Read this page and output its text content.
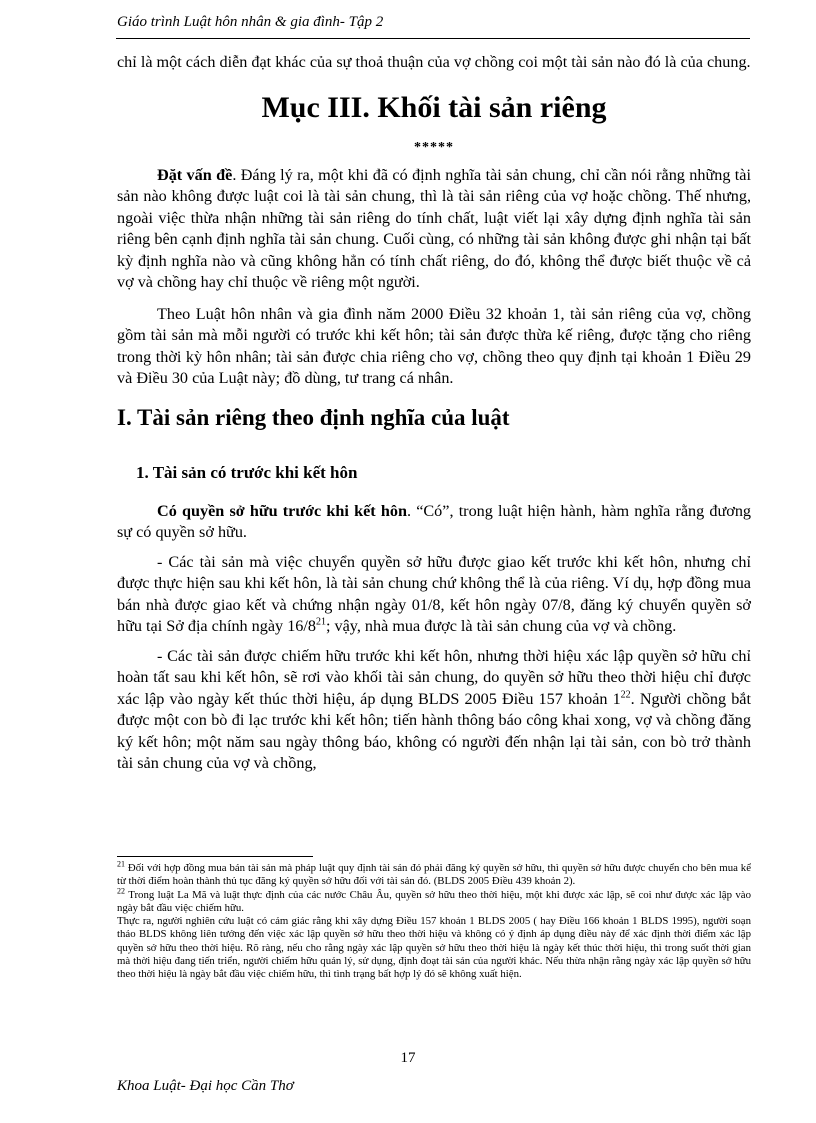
Giáo trình Luật hôn nhân & gia đình- Tập 2

chỉ là một cách diễn đạt khác của sự thoả thuận của vợ chồng coi một tài sản nào đó là của chung.

Mục III. Khối tài sản riêng
*****

Đặt vấn đề. Đáng lý ra, một khi đã có định nghĩa tài sản chung, chỉ cần nói rằng những tài sản nào không được luật coi là tài sản chung, thì là tài sản riêng của vợ hoặc chồng. Thế nhưng, ngoài việc thừa nhận những tài sản riêng do tính chất, luật viết lại xây dựng định nghĩa tài sản riêng bên cạnh định nghĩa tài sản chung. Cuối cùng, có những tài sản không được ghi nhận tại bất kỳ định nghĩa nào và cũng không hẳn có tính chất riêng, do đó, không thể được biết thuộc về cả vợ và chồng hay chỉ thuộc về riêng một người.

Theo Luật hôn nhân và gia đình năm 2000 Điều 32 khoản 1, tài sản riêng của vợ, chồng gồm tài sản mà mỗi người có trước khi kết hôn; tài sản được thừa kế riêng, được tặng cho riêng trong thời kỳ hôn nhân; tài sản được chia riêng cho vợ, chồng theo quy định tại khoản 1 Điều 29 và Điều 30 của Luật này; đồ dùng, tư trang cá nhân.

I. Tài sản riêng theo định nghĩa của luật
1. Tài sản có trước khi kết hôn

Có quyền sở hữu trước khi kết hôn. “Có”, trong luật hiện hành, hàm nghĩa rằng đương sự có quyền sở hữu.

- Các tài sản mà việc chuyển quyền sở hữu được giao kết trước khi kết hôn, nhưng chỉ được thực hiện sau khi kết hôn, là tài sản chung chứ không thể là của riêng. Ví dụ, hợp đồng mua bán nhà được giao kết và chứng nhận ngày 01/8, kết hôn ngày 07/8, đăng ký chuyển quyền sở hữu tại Sở địa chính ngày $16/8^{21}$; vậy, nhà mua được là tài sản chung của vợ và chồng.

- Các tài sản được chiếm hữu trước khi kết hôn, nhưng thời hiệu xác lập quyền sở hữu chỉ hoàn tất sau khi kết hôn, sẽ rơi vào khối tài sản chung, do quyền sở hữu theo thời hiệu chỉ được xác lập vào ngày kết thúc thời hiệu, áp dụng BLDS 2005 Điều 157 khoản $1^{22}$. Người chồng bắt được một con bò đi lạc trước khi kết hôn; tiến hành thông báo công khai xong, vợ và chồng đăng ký kết hôn; một năm sau ngày thông báo, không có người đến nhận lại tài sản, con bò trở thành tài sản chung của vợ và chồng,

$^{21}$ Đối với hợp đồng mua bán tài sản mà pháp luật quy định tài sản đó phải đăng ký quyền sở hữu, thì quyền sở hữu được chuyển cho bên mua kể từ thời điểm hoàn thành thủ tục đăng ký quyền sở hữu đối với tài sản đó. (BLDS 2005 Điều 439 khoản 2).

$^{22}$ Trong luật La Mã và luật thực định của các nước Châu Âu, quyền sở hữu theo thời hiệu, một khi được xác lập, sẽ coi như được xác lập vào ngày bắt đầu việc chiếm hữu.

Thực ra, người nghiên cứu luật có cảm giác rằng khi xây dựng Điều 157 khoản 1 BLDS 2005 ( hay Điều 166 khoản 1 BLDS 1995), người soạn thảo BLDS không liên tưởng đến việc xác lập quyền sở hữu theo thời hiệu và không có ý định áp dụng điều này để xác định thời điểm xác lập quyền sở hữu theo thời hiệu. Rõ ràng, nếu cho rằng ngày xác lập quyền sở hữu theo thời hiệu là ngày kết thúc thời hiệu, thì trong suốt thời gian mà thời hiệu đang tiến triển, người chiếm hữu quản lý, sử dụng, định đoạt tài sản của người khác. Nếu thừa nhận rằng ngày xác lập quyền sở hữu theo thời hiệu là ngày bắt đầu việc chiếm hữu, thì tình trạng bất hợp lý đó sẽ không xuất hiện.

17
Khoa Luật- Đại học Cần Thơ
